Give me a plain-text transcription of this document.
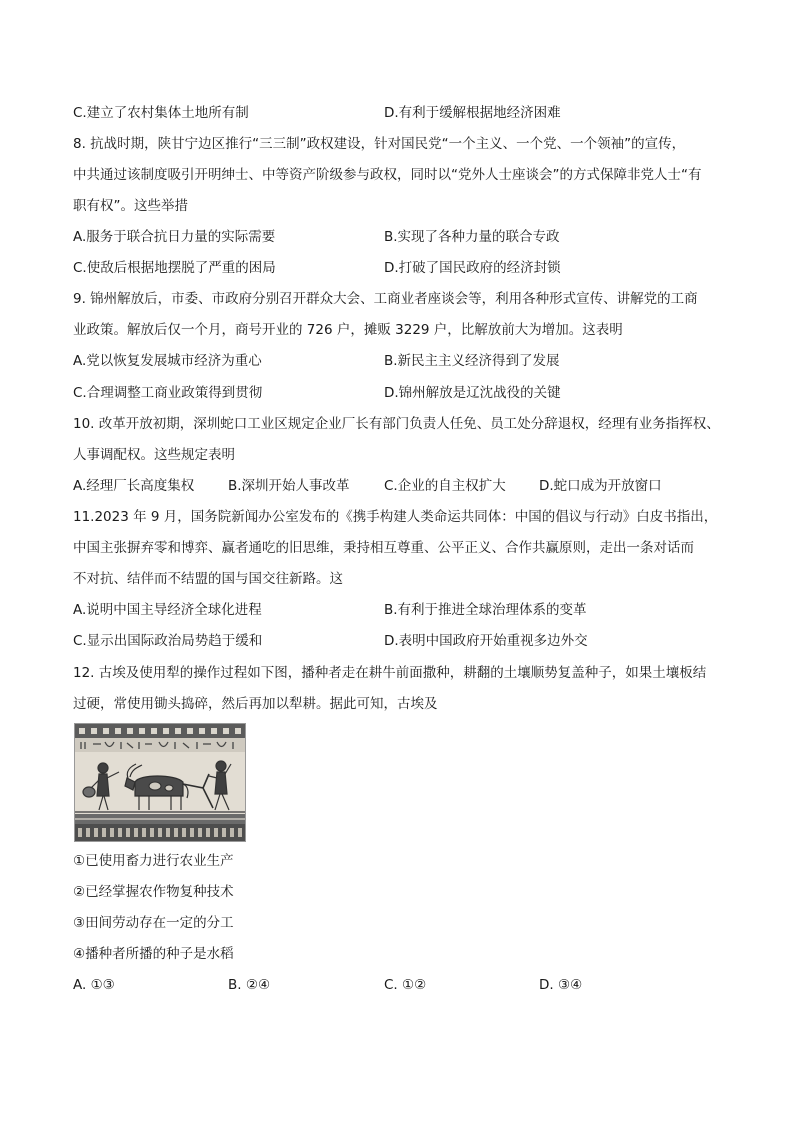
C.建立了农村集体土地所有制	D.有利于缓解根据地经济困难
8. 抗战时期，陕甘宁边区推行“三三制”政权建设，针对国民党“一个主义、一个党、一个领袖”的宣传，
中共通过该制度吸引开明绅士、中等资产阶级参与政权，同时以“党外人士座谈会”的方式保障非党人士“有
职有权”。这些举措
A.服务于联合抗日力量的实际需要	B.实现了各种力量的联合专政
C.使敌后根据地摆脱了严重的困局	D.打破了国民政府的经济封锁
9. 锦州解放后，市委、市政府分别召开群众大会、工商业者座谈会等，利用各种形式宣传、讲解党的工商
业政策。解放后仅一个月，商号开业的 726 户，摊贩 3229 户，比解放前大为增加。这表明
A.党以恢复发展城市经济为重心	B.新民主主义经济得到了发展
C.合理调整工商业政策得到贯彻	D.锦州解放是辽沈战役的关键
10. 改革开放初期，深圳蛇口工业区规定企业厂长有部门负责人任免、员工处分辞退权，经理有业务指挥权、
人事调配权。这些规定表明
A.经理厂长高度集权 B.深圳开始人事改革	C.企业的自主权扩大 D.蛇口成为开放窗口
11.2023 年 9 月，国务院新闻办公室发布的《携手构建人类命运共同体：中国的倡议与行动》白皮书指出，
中国主张摒弃零和博弈、赢者通吃的旧思维，秉持相互尊重、公平正义、合作共赢原则，走出一条对话而
不对抗、结伴而不结盟的国与国交往新路。这
A.说明中国主导经济全球化进程	B.有利于推进全球治理体系的变革
C.显示出国际政治局势趋于缓和	D.表明中国政府开始重视多边外交
12. 古埃及使用犁的操作过程如下图，播种者走在耕牛前面撒种，耕翻的土壤顺势复盖种子，如果土壤板结
过硬，常使用锄头捣碎，然后再加以犁耕。据此可知，古埃及
①已使用畜力进行农业生产
②已经掌握农作物复种技术
③田间劳动存在一定的分工
④播种者所播的种子是水稻
A. ①③	B. ②④	C. ①②	D. ③④
